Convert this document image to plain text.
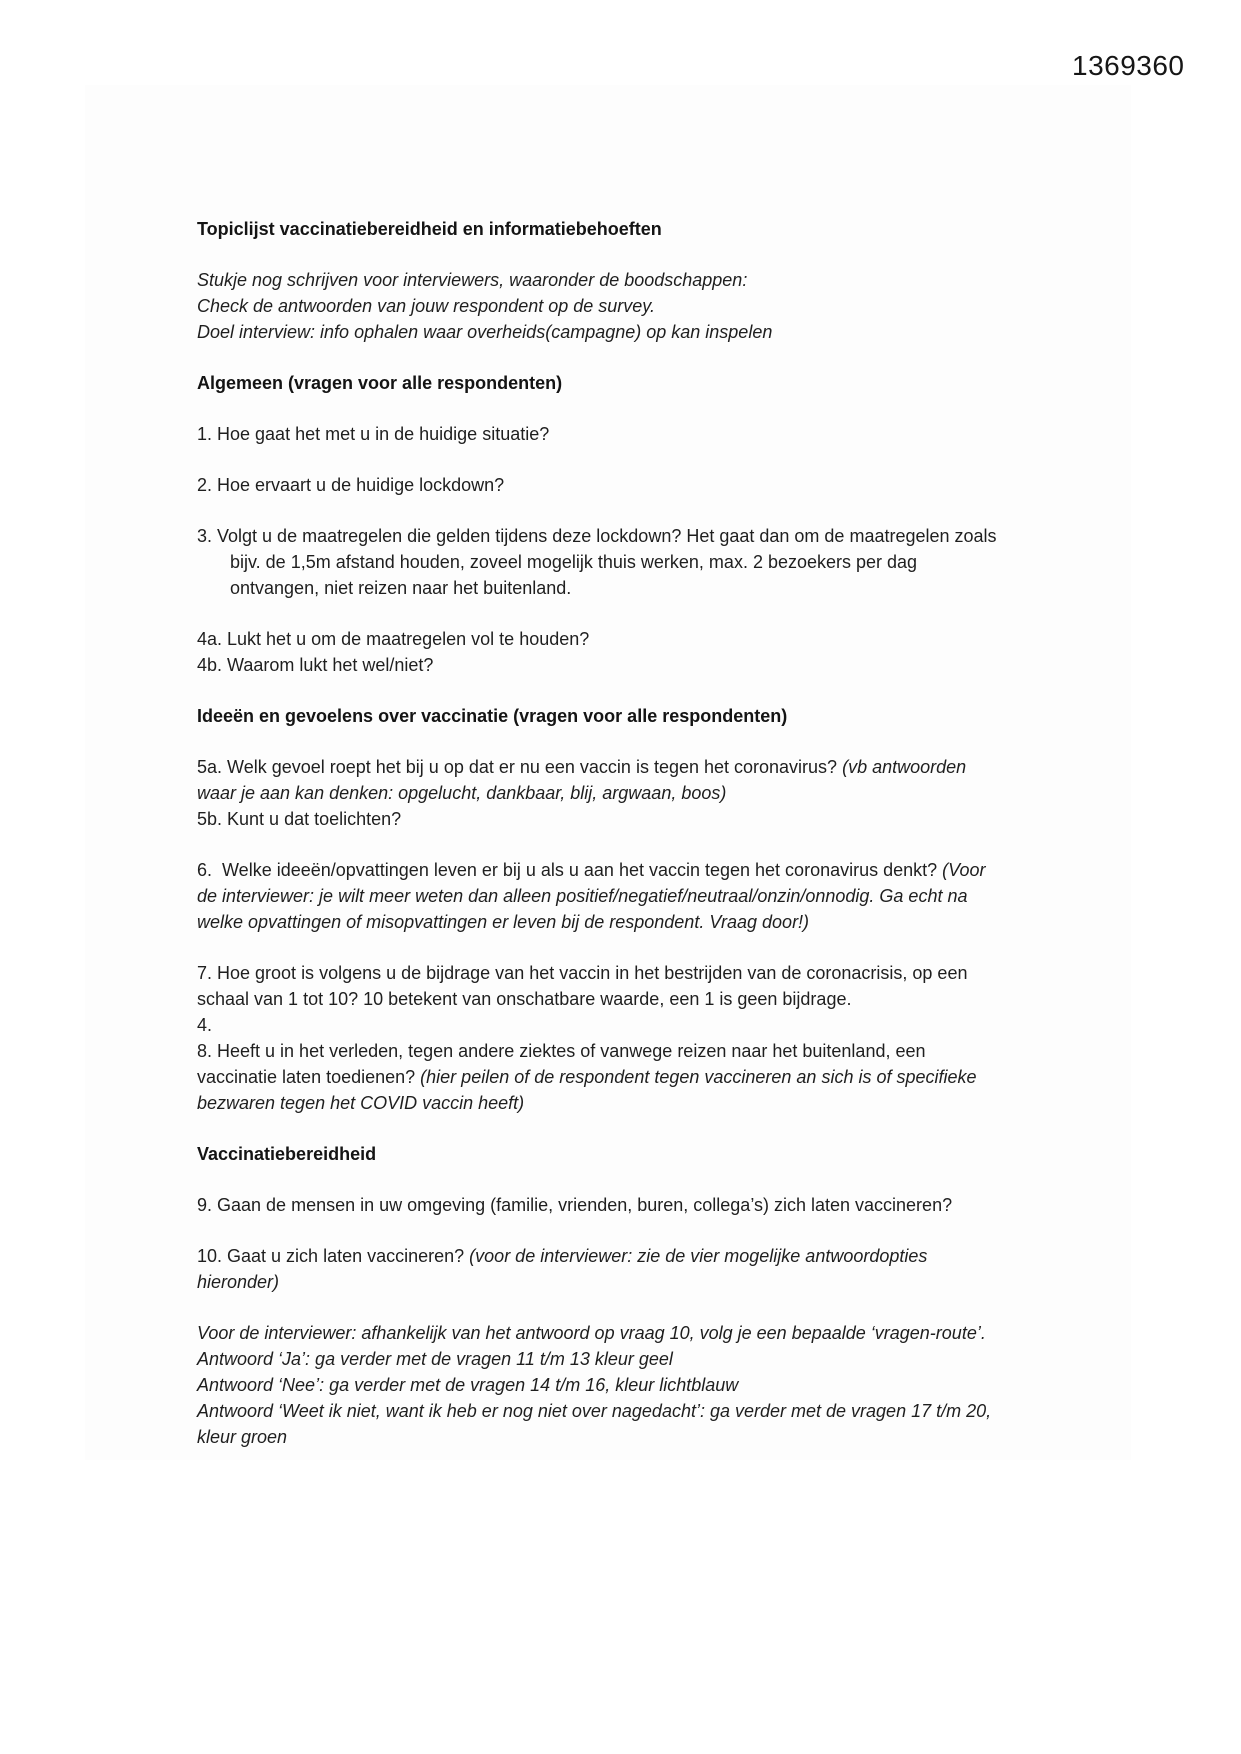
1369360
Topiclijst vaccinatiebereidheid en informatiebehoeften
Stukje nog schrijven voor interviewers, waaronder de boodschappen:
Check de antwoorden van jouw respondent op de survey.
Doel interview: info ophalen waar overheids(campagne) op kan inspelen
Algemeen (vragen voor alle respondenten)
1. Hoe gaat het met u in de huidige situatie?
2. Hoe ervaart u de huidige lockdown?
3. Volgt u de maatregelen die gelden tijdens deze lockdown? Het gaat dan om de maatregelen zoals
bijv. de 1,5m afstand houden, zoveel mogelijk thuis werken, max. 2 bezoekers per dag
ontvangen, niet reizen naar het buitenland.
4a. Lukt het u om de maatregelen vol te houden?
4b. Waarom lukt het wel/niet?
Ideeën en gevoelens over vaccinatie (vragen voor alle respondenten)
5a. Welk gevoel roept het bij u op dat er nu een vaccin is tegen het coronavirus? (vb antwoorden
waar je aan kan denken: opgelucht, dankbaar, blij, argwaan, boos)
5b. Kunt u dat toelichten?
6.  Welke ideeën/opvattingen leven er bij u als u aan het vaccin tegen het coronavirus denkt? (Voor
de interviewer: je wilt meer weten dan alleen positief/negatief/neutraal/onzin/onnodig. Ga echt na
welke opvattingen of misopvattingen er leven bij de respondent. Vraag door!)
7. Hoe groot is volgens u de bijdrage van het vaccin in het bestrijden van de coronacrisis, op een
schaal van 1 tot 10? 10 betekent van onschatbare waarde, een 1 is geen bijdrage.
4.
8. Heeft u in het verleden, tegen andere ziektes of vanwege reizen naar het buitenland, een
vaccinatie laten toedienen? (hier peilen of de respondent tegen vaccineren an sich is of specifieke
bezwaren tegen het COVID vaccin heeft)
Vaccinatiebereidheid
9. Gaan de mensen in uw omgeving (familie, vrienden, buren, collega’s) zich laten vaccineren?
10. Gaat u zich laten vaccineren? (voor de interviewer: zie de vier mogelijke antwoordopties
hieronder)
Voor de interviewer: afhankelijk van het antwoord op vraag 10, volg je een bepaalde ‘vragen-route’.
Antwoord ‘Ja’: ga verder met de vragen 11 t/m 13 kleur geel
Antwoord ‘Nee’: ga verder met de vragen 14 t/m 16, kleur lichtblauw
Antwoord ‘Weet ik niet, want ik heb er nog niet over nagedacht’: ga verder met de vragen 17 t/m 20,
kleur groen
